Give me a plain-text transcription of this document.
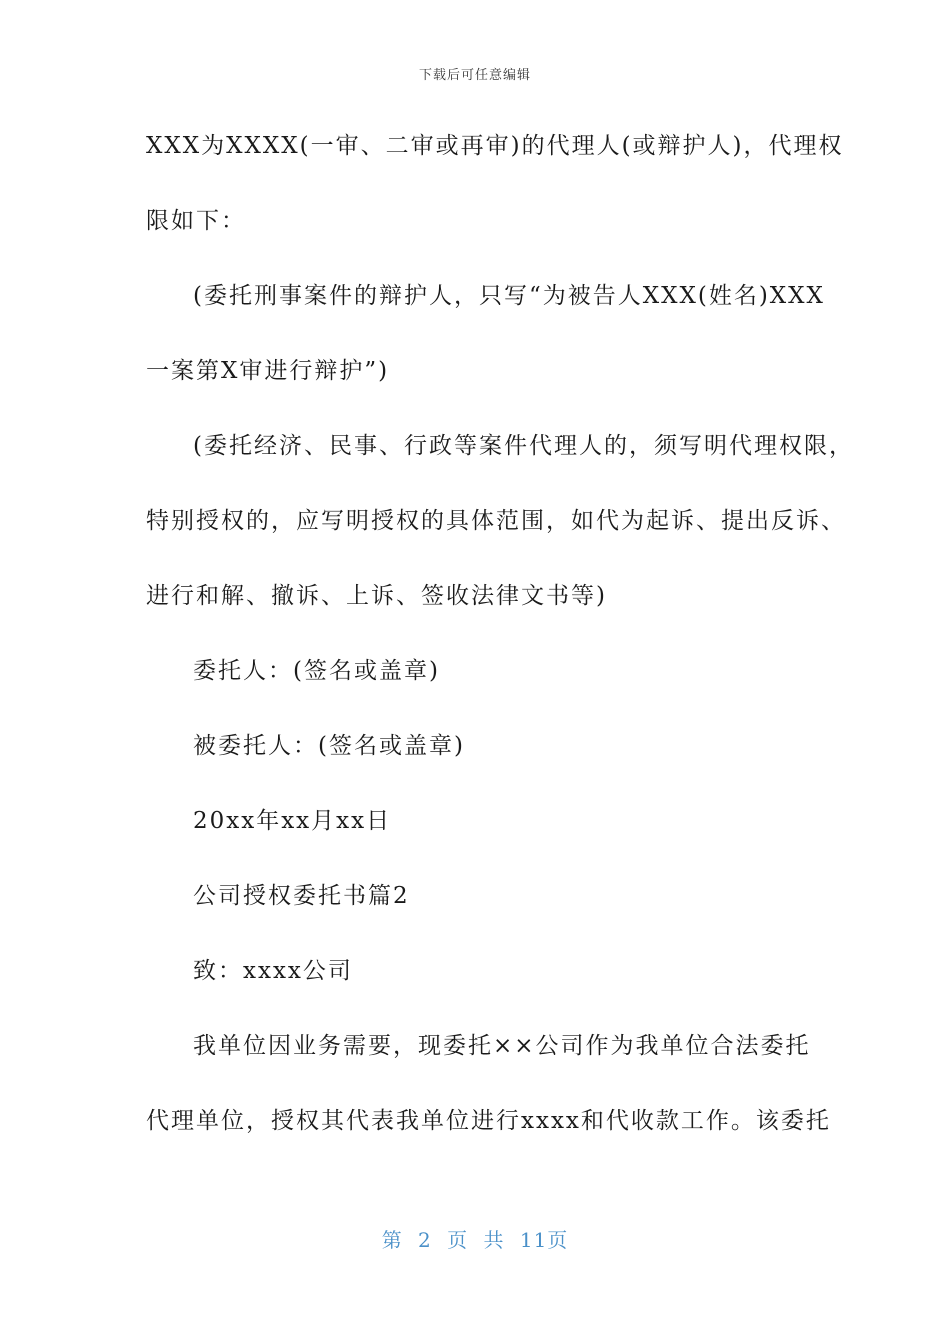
下载后可任意编辑
XXX为XXXX(一审、二审或再审)的代理人(或辩护人)，代理权
限如下：
(委托刑事案件的辩护人，只写“为被告人XXX(姓名)XXX
一案第X审进行辩护”)
(委托经济、民事、行政等案件代理人的，须写明代理权限，
特别授权的，应写明授权的具体范围，如代为起诉、提出反诉、
进行和解、撤诉、上诉、签收法律文书等)
委托人：(签名或盖章)
被委托人：(签名或盖章)
20xx年xx月xx日
公司授权委托书篇2
致：xxxx公司
我单位因业务需要，现委托××公司作为我单位合法委托
代理单位，授权其代表我单位进行xxxx和代收款工作。该委托
第 2 页 共 11页
